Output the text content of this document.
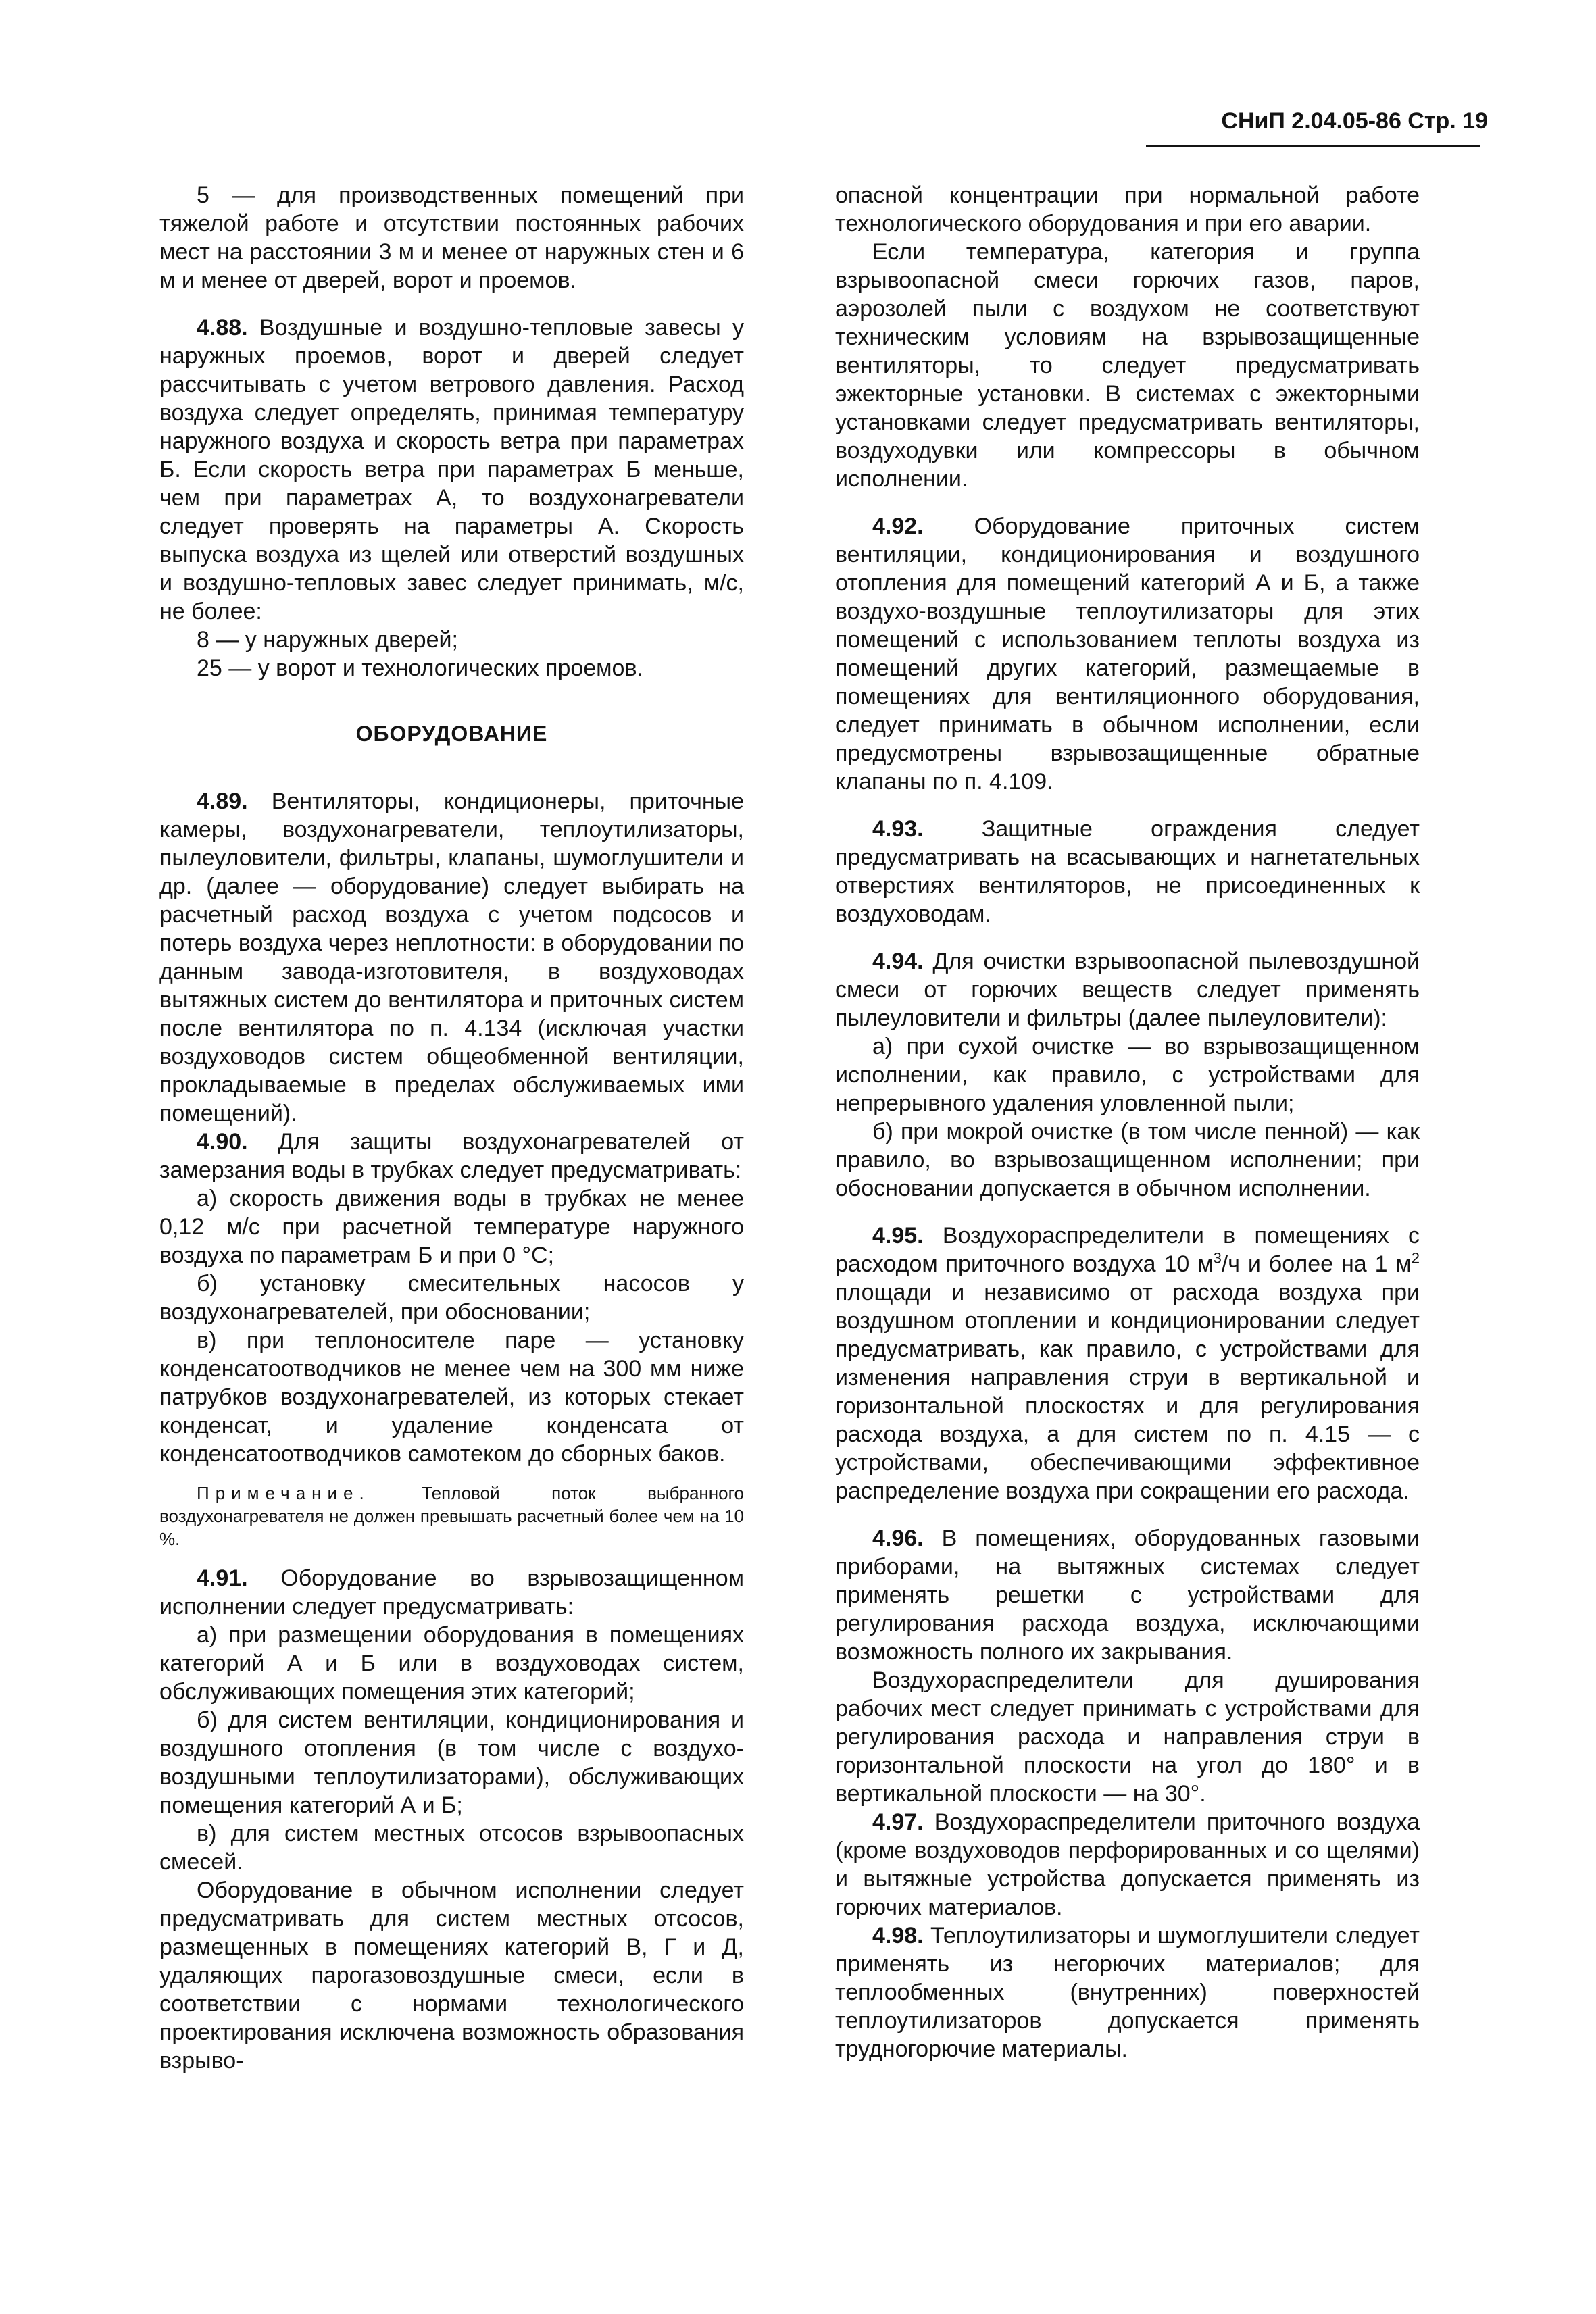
СНиП 2.04.05-86 Стр. 19

5 — для производственных помещений при тяжелой работе и отсутствии постоянных рабочих мест на расстоянии 3 м и менее от наружных стен и 6 м и менее от дверей, ворот и проемов.

4.88. Воздушные и воздушно-тепловые завесы у наружных проемов, ворот и дверей следует рассчитывать с учетом ветрового давления. Расход воздуха следует определять, принимая температуру наружного воздуха и скорость ветра при параметрах Б. Если скорость ветра при параметрах Б меньше, чем при параметрах А, то воздухонагреватели следует проверять на параметры А. Скорость выпуска воздуха из щелей или отверстий воздушных и воздушно-тепловых завес следует принимать, м/с, не более:

8 — у наружных дверей;

25 — у ворот и технологических проемов.

ОБОРУДОВАНИЕ

4.89. Вентиляторы, кондиционеры, приточные камеры, воздухонагреватели, теплоутилизаторы, пылеуловители, фильтры, клапаны, шумоглушители и др. (далее — оборудование) следует выбирать на расчетный расход воздуха с учетом подсосов и потерь воздуха через неплотности: в оборудовании по данным завода-изготовителя, в воздуховодах вытяжных систем до вентилятора и приточных систем после вентилятора по п. 4.134 (исключая участки воздуховодов систем общеобменной вентиляции, прокладываемые в пределах обслуживаемых ими помещений).

4.90. Для защиты воздухонагревателей от замерзания воды в трубках следует предусматривать:

а) скорость движения воды в трубках не менее 0,12 м/с при расчетной температуре наружного воздуха по параметрам Б и при 0 °С;

б) установку смесительных насосов у воздухонагревателей, при обосновании;

в) при теплоносителе паре — установку конденсатоотводчиков не менее чем на 300 мм ниже патрубков воздухонагревателей, из которых стекает конденсат, и удаление конденсата от конденсатоотводчиков самотеком до сборных баков.

Примечание.	Тепловой поток выбранного воздухонагревателя не должен превышать расчетный более чем на 10 %.

4.91. Оборудование во взрывозащищенном исполнении следует предусматривать:

а) при размещении оборудования в помещениях категорий А и Б или в воздуховодах систем, обслуживающих помещения этих категорий;

б) для систем вентиляции, кондиционирования и воздушного отопления (в том числе с воздухо-воздушными теплоутилизаторами), обслуживающих помещения категорий А и Б;

в) для систем местных отсосов взрывоопасных смесей.

Оборудование в обычном исполнении следует предусматривать для систем местных отсосов, размещенных в помещениях категорий В, Г и Д, удаляющих парогазовоздушные смеси, если в соответствии с нормами технологического проектирования исключена возможность образования взрыво-

опасной концентрации при нормальной работе технологического оборудования и при его аварии.

Если температура, категория и группа взрывоопасной смеси горючих газов, паров, аэрозолей пыли с воздухом не соответствуют техническим условиям на взрывозащищенные вентиляторы, то следует предусматривать эжекторные установки. В системах с эжекторными установками следует предусматривать вентиляторы, воздуходувки или компрессоры в обычном исполнении.

4.92. Оборудование приточных систем вентиляции, кондиционирования и воздушного отопления для помещений категорий А и Б, а также воздухо-воздушные теплоутилизаторы для этих помещений с использованием теплоты воздуха из помещений других категорий, размещаемые в помещениях для вентиляционного оборудования, следует принимать в обычном исполнении, если предусмотрены взрывозащищенные обратные клапаны по п. 4.109.

4.93.	Защитные ограждения следует предусматривать на всасывающих и нагнетательных отверстиях вентиляторов, не присоединенных к воздуховодам.

4.94. Для очистки взрывоопасной пылевоздушной смеси от горючих веществ следует применять пылеуловители и фильтры (далее пылеуловители):

а) при сухой очистке — во взрывозащищенном исполнении, как правило, с устройствами для непрерывного удаления уловленной пыли;

б) при мокрой очистке (в том числе пенной) — как правило, во взрывозащищенном исполнении; при обосновании допускается в обычном исполнении.

4.95. Воздухораспределители в помещениях с расходом приточного воздуха 10 $м^3/ч$ и более на 1 $м^2$ площади и независимо от расхода воздуха при воздушном отоплении и кондиционировании следует предусматривать, как правило, с устройствами для изменения направления струи в вертикальной и горизонтальной плоскостях и для регулирования расхода воздуха, а для систем по п. 4.15 — с устройствами, обеспечивающими эффективное распределение воздуха при сокращении его расхода.

4.96. В помещениях, оборудованных газовыми приборами, на вытяжных системах следует применять решетки с устройствами для регулирования расхода воздуха, исключающими возможность полного их закрывания.

Воздухораспределители для душирования рабочих мест следует принимать с устройствами для регулирования расхода и направления струи в горизонтальной плоскости на угол до 180° и в вертикальной плоскости — на 30°.

4.97. Воздухораспределители приточного воздуха (кроме воздуховодов перфорированных и со щелями) и вытяжные устройства допускается применять из горючих материалов.

4.98. Теплоутилизаторы и шумоглушители следует применять из негорючих материалов; для теплообменных (внутренних) поверхностей теплоутилизаторов допускается применять трудногорючие материалы.
